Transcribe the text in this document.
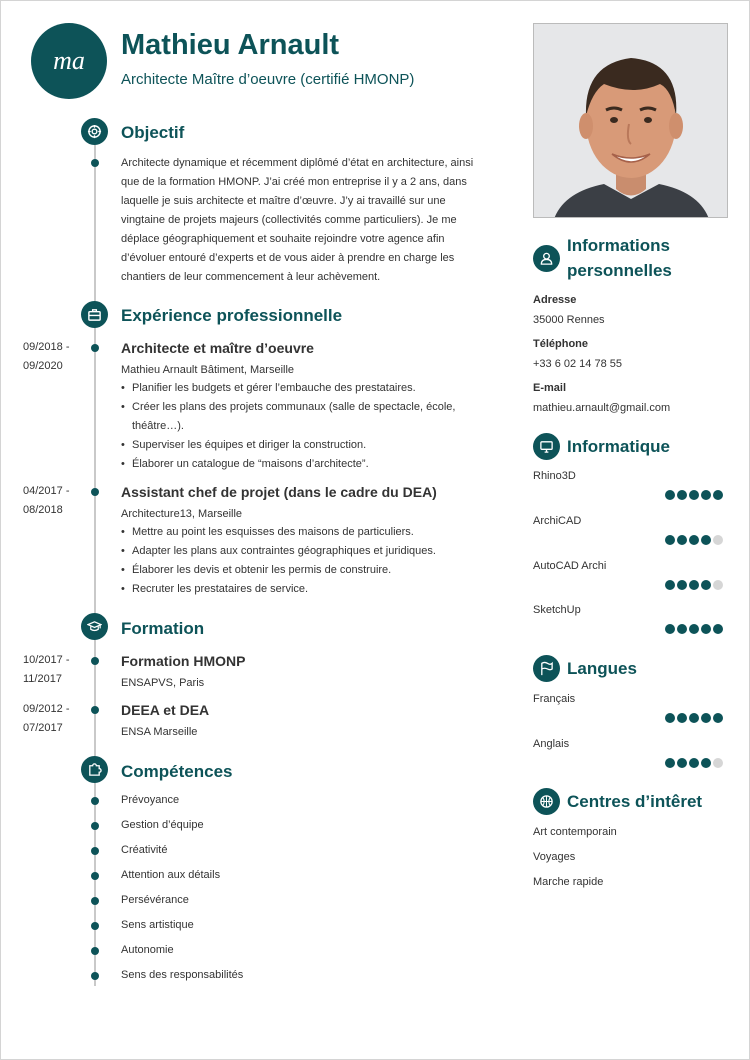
ma Mathieu Arnault
Architecte Maître d’oeuvre (certifié HMONP)
Objectif
Architecte dynamique et récemment diplômé d’état en architecture, ainsi que de la formation HMONP. J’ai créé mon entreprise il y a 2 ans, dans laquelle je suis architecte et maître d’œuvre. J’y ai travaillé sur une vingtaine de projets majeurs (collectivités comme particuliers). Je me déplace géographiquement et souhaite rejoindre votre agence afin d’évoluer entouré d’experts et de vous aider à prendre en charge les chantiers de leur commencement à leur achèvement.
Expérience professionnelle
09/2018 -
09/2020
Architecte et maître d’oeuvre
Mathieu Arnault Bâtiment, Marseille
• Planifier les budgets et gérer l’embauche des prestataires.
• Créer les plans des projets communaux (salle de spectacle, école, théâtre…).
• Superviser les équipes et diriger la construction.
• Élaborer un catalogue de “maisons d’architecte”.
04/2017 -
08/2018
Assistant chef de projet (dans le cadre du DEA)
Architecture13, Marseille
• Mettre au point les esquisses des maisons de particuliers.
• Adapter les plans aux contraintes géographiques et juridiques.
• Élaborer les devis et obtenir les permis de construire.
• Recruter les prestataires de service.
Formation
10/2017 -
11/2017
Formation HMONP
ENSAPVS, Paris
09/2012 -
07/2017
DEEA et DEA
ENSA Marseille
Compétences
Prévoyance
Gestion d’équipe
Créativité
Attention aux détails
Persévérance
Sens artistique
Autonomie
Sens des responsabilités
Informations
personnelles
Adresse
35000 Rennes
Téléphone
+33 6 02 14 78 55
E-mail
mathieu.arnault@gmail.com
Informatique
Rhino3D
ArchiCAD
AutoCAD Archi
SketchUp
Langues
Français
Anglais
Centres d’intêret
Art contemporain
Voyages
Marche rapide
